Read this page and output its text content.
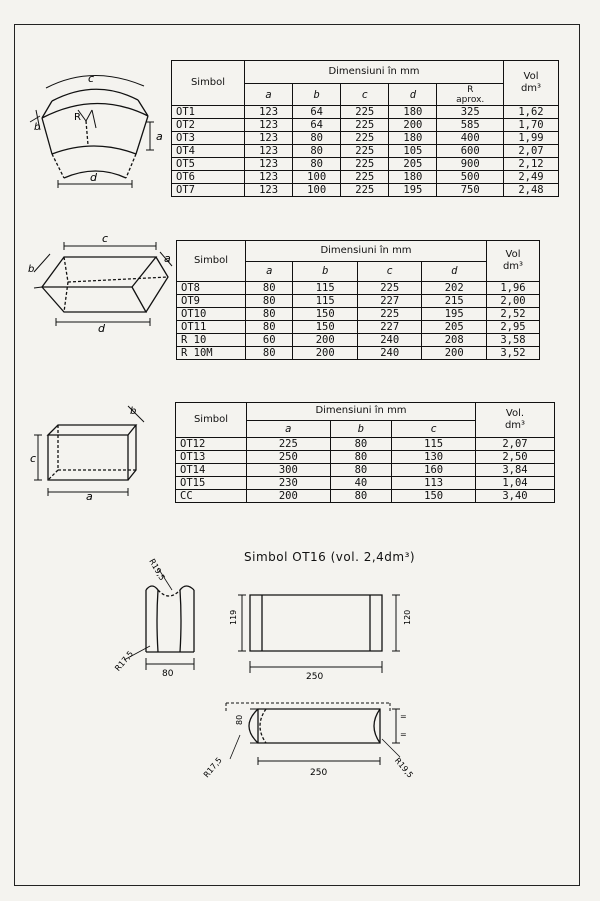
c
b
R
a
d
Simbol	Dimensiuni în mm					Vol
dm³

	a	b	c	d	R
aprox.	

OT1	123	64	225	180	325	1,62
OT2	123	64	225	200	585	1,70
OT3	123	80	225	180	400	1,99
OT4	123	80	225	105	600	2,07
OT5	123	80	225	205	900	2,12
OT6	123	100	225	180	500	2,49
OT7	123	100	225	195	750	2,48
c
b
a
d
Simbol	Dimensiuni în mm				Vol
dm³

	a	b	c	d	
OT8	80	115	225	202	1,96
OT9	80	115	227	215	2,00
OT10	80	150	225	195	2,52
OT11	80	150	227	205	2,95
R 10	60	200	240	208	3,58
R 10M	80	200	240	200	3,52
c
b
a
Simbol	Dimensiuni în mm			Vol.
dm³

	a	b	c	
OT12	225	80	115	2,07
OT13	250	80	130	2,50
OT14	300	80	160	3,84
OT15	230	40	113	1,04
CC	200	80	150	3,40
Simbol OT16 (vol. 2,4dm³)
R19,5
R17,5
80
119	120
250
80	=
=
R17,5	R19,5
250
